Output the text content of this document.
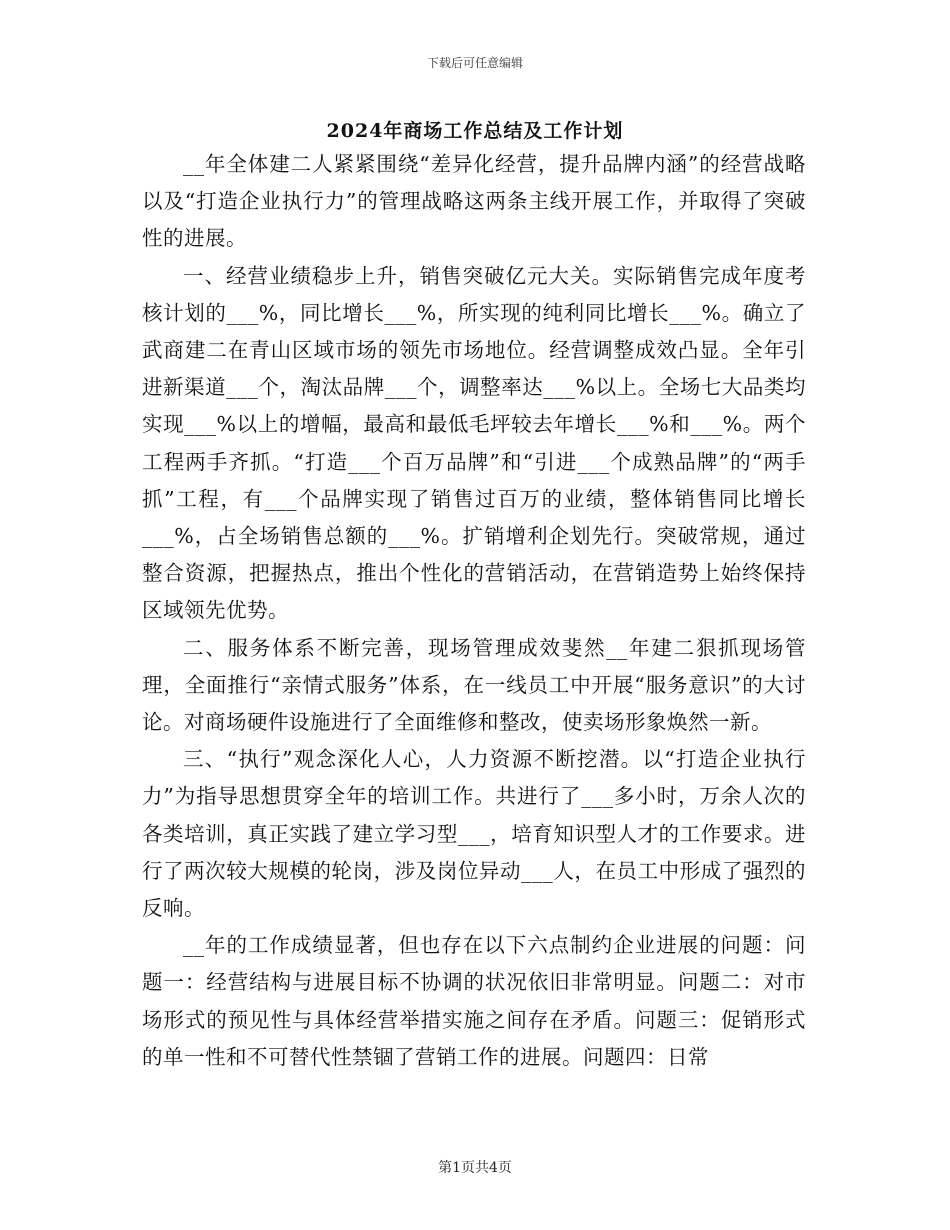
下载后可任意编辑
2024年商场工作总结及工作计划

__年全体建二人紧紧围绕“差异化经营，提升品牌内涵”的经营战略以及“打造企业执行力”的管理战略这两条主线开展工作，并取得了突破性的进展。

一、经营业绩稳步上升，销售突破亿元大关。实际销售完成年度考核计划的___%，同比增长___%，所实现的纯利同比增长___%。确立了武商建二在青山区域市场的领先市场地位。经营调整成效凸显。全年引进新渠道___个，淘汰品牌___个，调整率达___%以上。全场七大品类均实现___%以上的增幅，最高和最低毛坪较去年增长___%和___%。两个工程两手齐抓。“打造___个百万品牌”和“引进___个成熟品牌”的“两手抓”工程，有___个品牌实现了销售过百万的业绩，整体销售同比增长___%，占全场销售总额的___%。扩销增利企划先行。突破常规，通过整合资源，把握热点，推出个性化的营销活动，在营销造势上始终保持区域领先优势。

二、服务体系不断完善，现场管理成效斐然__年建二狠抓现场管理，全面推行“亲情式服务”体系，在一线员工中开展“服务意识”的大讨论。对商场硬件设施进行了全面维修和整改，使卖场形象焕然一新。

三、“执行”观念深化人心，人力资源不断挖潜。以“打造企业执行力”为指导思想贯穿全年的培训工作。共进行了___多小时，万余人次的各类培训，真正实践了建立学习型___，培育知识型人才的工作要求。进行了两次较大规模的轮岗，涉及岗位异动___人，在员工中形成了强烈的反响。

__年的工作成绩显著，但也存在以下六点制约企业进展的问题：问题一：经营结构与进展目标不协调的状况依旧非常明显。问题二：对市场形式的预见性与具体经营举措实施之间存在矛盾。问题三：促销形式的单一性和不可替代性禁锢了营销工作的进展。问题四：日常

第1页共4页
